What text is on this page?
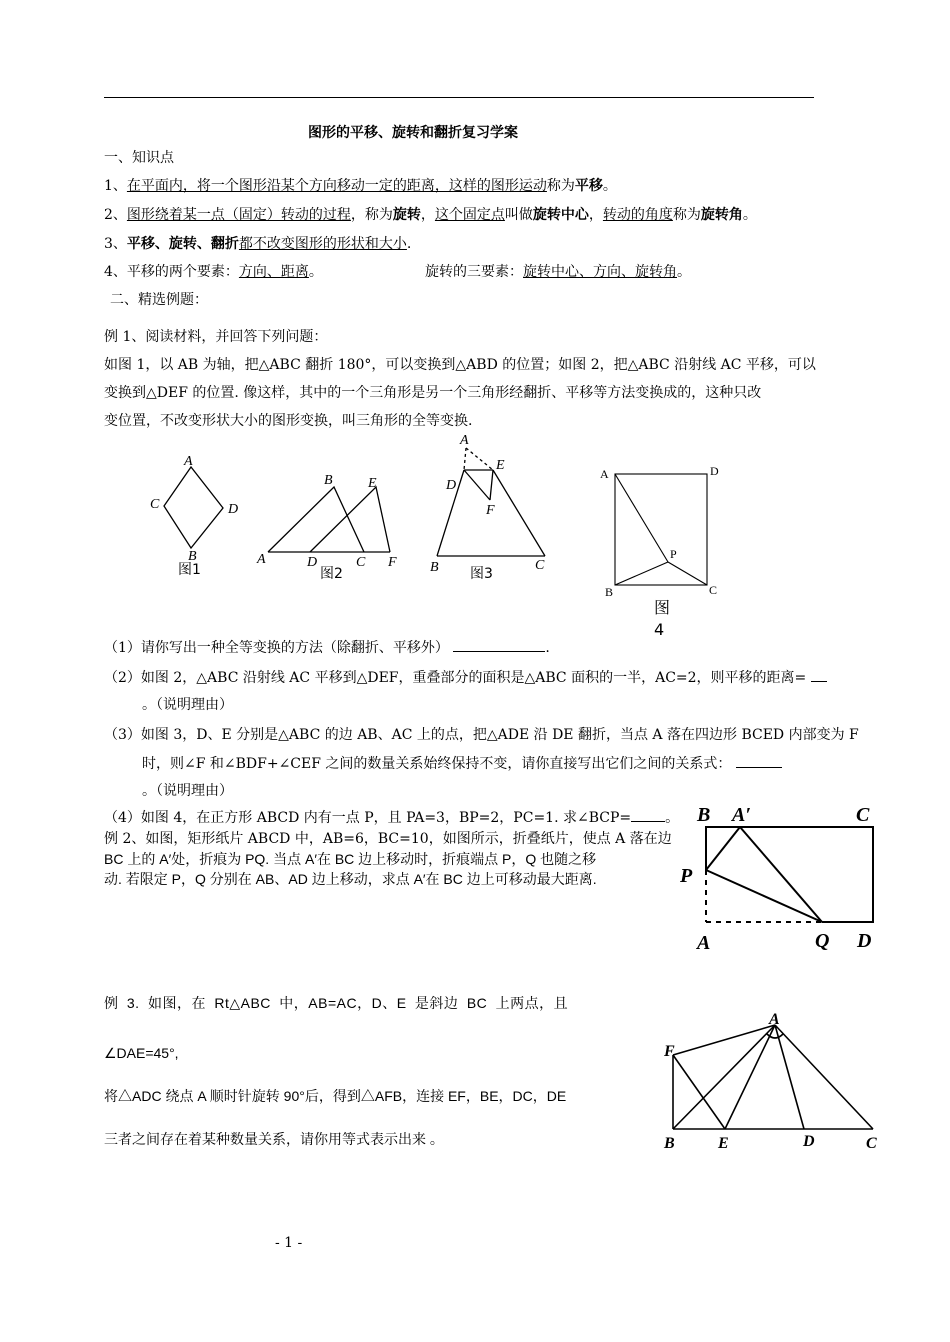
图形的平移、旋转和翻折复习学案
一、知识点
1、在平面内，将一个图形沿某个方向移动一定的距离，这样的图形运动称为平移。
2、图形绕着某一点（固定）转动的过程，称为旋转，这个固定点叫做旋转中心，转动的角度称为旋转角。
3、平移、旋转、翻折都不改变图形的形状和大小.
4、平移的两个要素：方向、距离。	旋转的三要素：旋转中心、方向、旋转角。
二、精选例题：
例 1、阅读材料，并回答下列问题：
如图 1，以 AB 为轴，把△ABC 翻折 180°，可以变换到△ABD 的位置；如图 2，把△ABC 沿射线 AC 平移，可以
变换到△DEF 的位置. 像这样，其中的一个三角形是另一个三角形经翻折、平移等方法变换成的，这种只改
变位置，不改变形状大小的图形变换，叫三角形的全等变换.
A
C	D
B
图1
B	E
A	D	C F
图2
A
E
D
F
B	C
图3
A	D
P
B	C
图
4
（1）请你写出一种全等变换的方法（除翻折、平移外）	.
（2）如图 2，△ABC 沿射线 AC 平移到△DEF，重叠部分的面积是△ABC 面积的一半，AC=2，则平移的距离=
。（说明理由）
（3）如图 3，D、E 分别是△ABC 的边 AB、AC 上的点，把△ADE 沿 DE 翻折，当点 A 落在四边形 BCED 内部变为 F
时，则∠F 和∠BDF+∠CEF 之间的数量关系始终保持不变，请你直接写出它们之间的关系式：
。（说明理由）
（4）如图 4，在正方形 ABCD 内有一点 P，且 PA=3，BP=2，PC=1. 求∠BCP= 。
例 2、如图，矩形纸片 ABCD 中，AB=6，BC=10，如图所示，折叠纸片，使点 A 落在边
BC 上的 A′处，折痕为 PQ. 当点 A′在 BC 边上移动时，折痕端点 P，Q 也随之移
动. 若限定 P，Q 分别在 AB、AD 边上移动，求点 A′在 BC 边上可移动最大距离.
B A′	C
P
A	Q D
例 3. 如图，在 Rt△ABC 中，AB=AC，D、E 是斜边 BC 上两点，且
∠DAE=45°,
将△ADC 绕点 A 顺时针旋转 90°后，得到△AFB，连接 EF，BE，DC，DE
三者之间存在着某种数量关系，请你用等式表示出来 。
A
F
B	E	D	C
- 1 -
